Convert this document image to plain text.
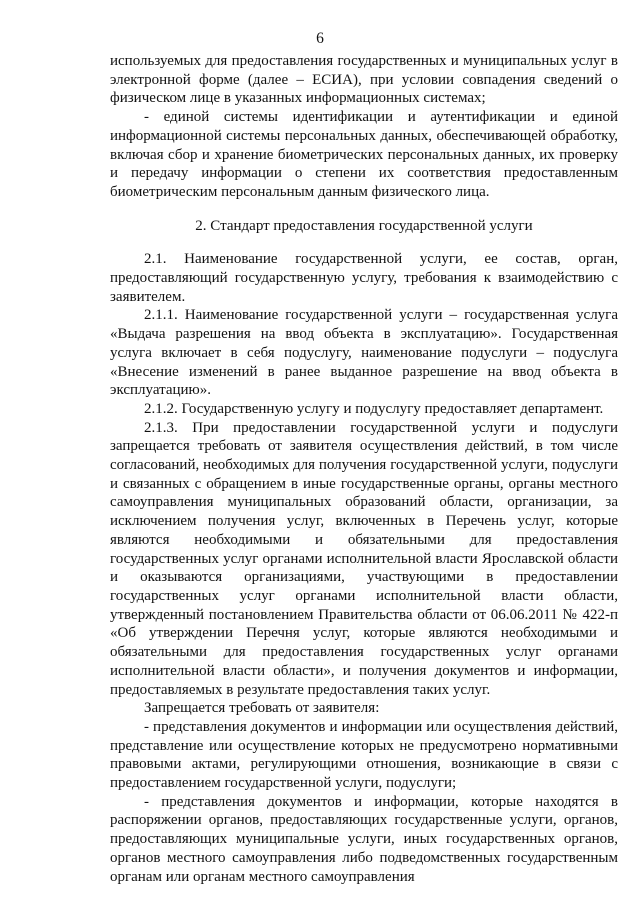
6

используемых для предоставления государственных и муниципальных услуг в электронной форме (далее – ЕСИА), при условии совпадения сведений о физическом лице в указанных информационных системах;

- единой системы идентификации и аутентификации и единой информационной системы персональных данных, обеспечивающей обработку, включая сбор и хранение биометрических персональных данных, их проверку и передачу информации о степени их соответствия предоставленным биометрическим персональным данным физического лица.

2. Стандарт предоставления государственной услуги

2.1. Наименование государственной услуги, ее состав, орган, предоставляющий государственную услугу, требования к взаимодействию с заявителем.

2.1.1. Наименование государственной услуги – государственная услуга «Выдача разрешения на ввод объекта в эксплуатацию». Государственная услуга включает в себя подуслугу, наименование подуслуги – подуслуга «Внесение изменений в ранее выданное разрешение на ввод объекта в эксплуатацию».

2.1.2. Государственную услугу и подуслугу предоставляет департамент.

2.1.3. При предоставлении государственной услуги и подуслуги запрещается требовать от заявителя осуществления действий, в том числе согласований, необходимых для получения государственной услуги, подуслуги и связанных с обращением в иные государственные органы, органы местного самоуправления муниципальных образований области, организации, за исключением получения услуг, включенных в Перечень услуг, которые являются необходимыми и обязательными для предоставления государственных услуг органами исполнительной власти Ярославской области и оказываются организациями, участвующими в предоставлении государственных услуг органами исполнительной власти области, утвержденный постановлением Правительства области от 06.06.2011 № 422-п «Об утверждении Перечня услуг, которые являются необходимыми и обязательными для предоставления государственных услуг органами исполнительной власти области», и получения документов и информации, предоставляемых в результате предоставления таких услуг.

Запрещается требовать от заявителя:

- представления документов и информации или осуществления действий, представление или осуществление которых не предусмотрено нормативными правовыми актами, регулирующими отношения, возникающие в связи с предоставлением государственной услуги, подуслуги;

- представления документов и информации, которые находятся в распоряжении органов, предоставляющих государственные услуги, органов, предоставляющих муниципальные услуги, иных государственных органов, органов местного самоуправления либо подведомственных государственным органам или органам местного самоуправления
